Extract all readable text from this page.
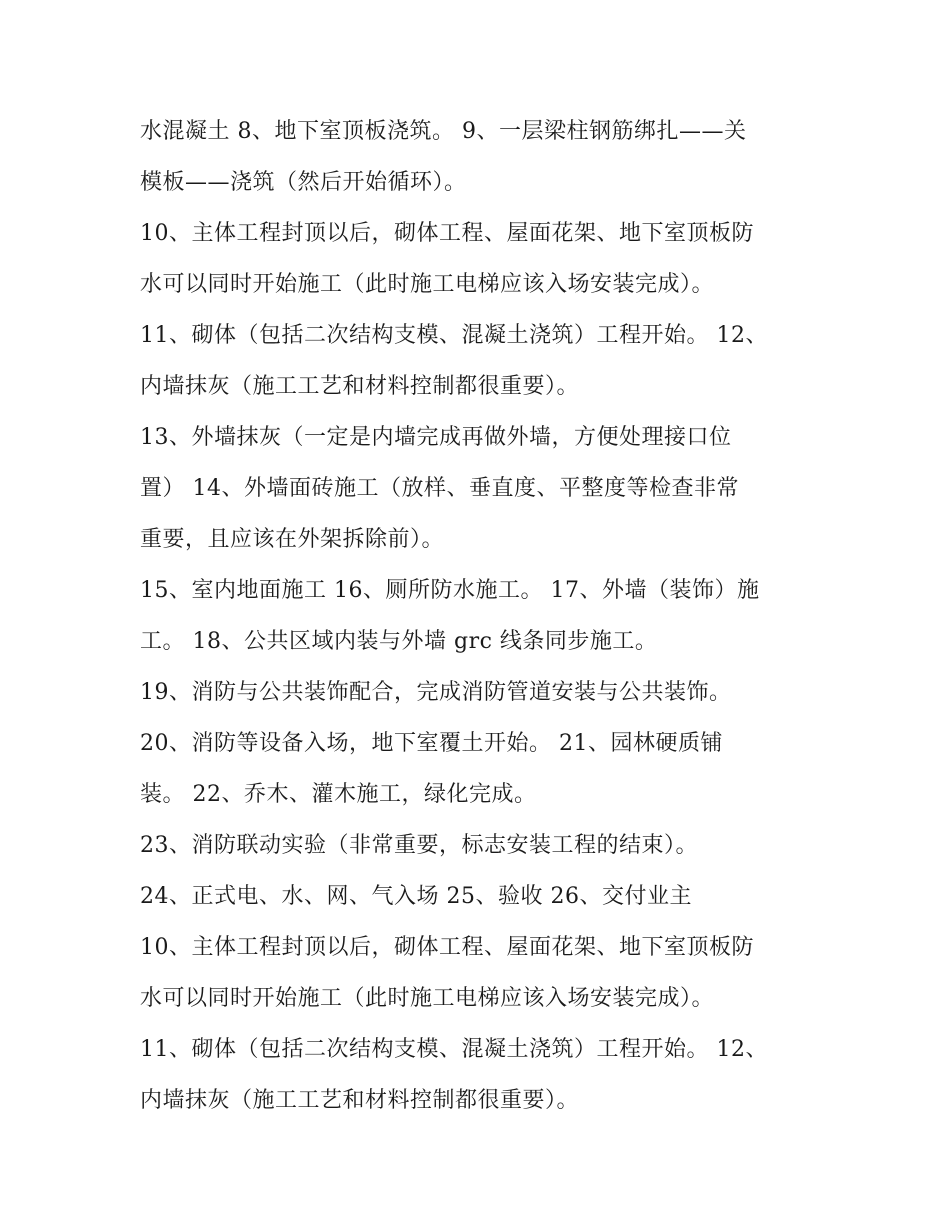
水混凝土 8、地下室顶板浇筑。 9、一层梁柱钢筋绑扎——关
模板——浇筑（然后开始循环）。
10、主体工程封顶以后，砌体工程、屋面花架、地下室顶板防
水可以同时开始施工（此时施工电梯应该入场安装完成）。
11、砌体（包括二次结构支模、混凝土浇筑）工程开始。 12、
内墙抹灰（施工工艺和材料控制都很重要）。
13、外墙抹灰（一定是内墙完成再做外墙，方便处理接口位
置） 14、外墙面砖施工（放样、垂直度、平整度等检查非常
重要，且应该在外架拆除前）。
15、室内地面施工 16、厕所防水施工。 17、外墙（装饰）施
工。 18、公共区域内装与外墙 grc 线条同步施工。
19、消防与公共装饰配合，完成消防管道安装与公共装饰。
20、消防等设备入场，地下室覆土开始。 21、园林硬质铺
装。 22、乔木、灌木施工，绿化完成。
23、消防联动实验（非常重要，标志安装工程的结束）。
24、正式电、水、网、气入场 25、验收 26、交付业主
10、主体工程封顶以后，砌体工程、屋面花架、地下室顶板防
水可以同时开始施工（此时施工电梯应该入场安装完成）。
11、砌体（包括二次结构支模、混凝土浇筑）工程开始。 12、
内墙抹灰（施工工艺和材料控制都很重要）。
